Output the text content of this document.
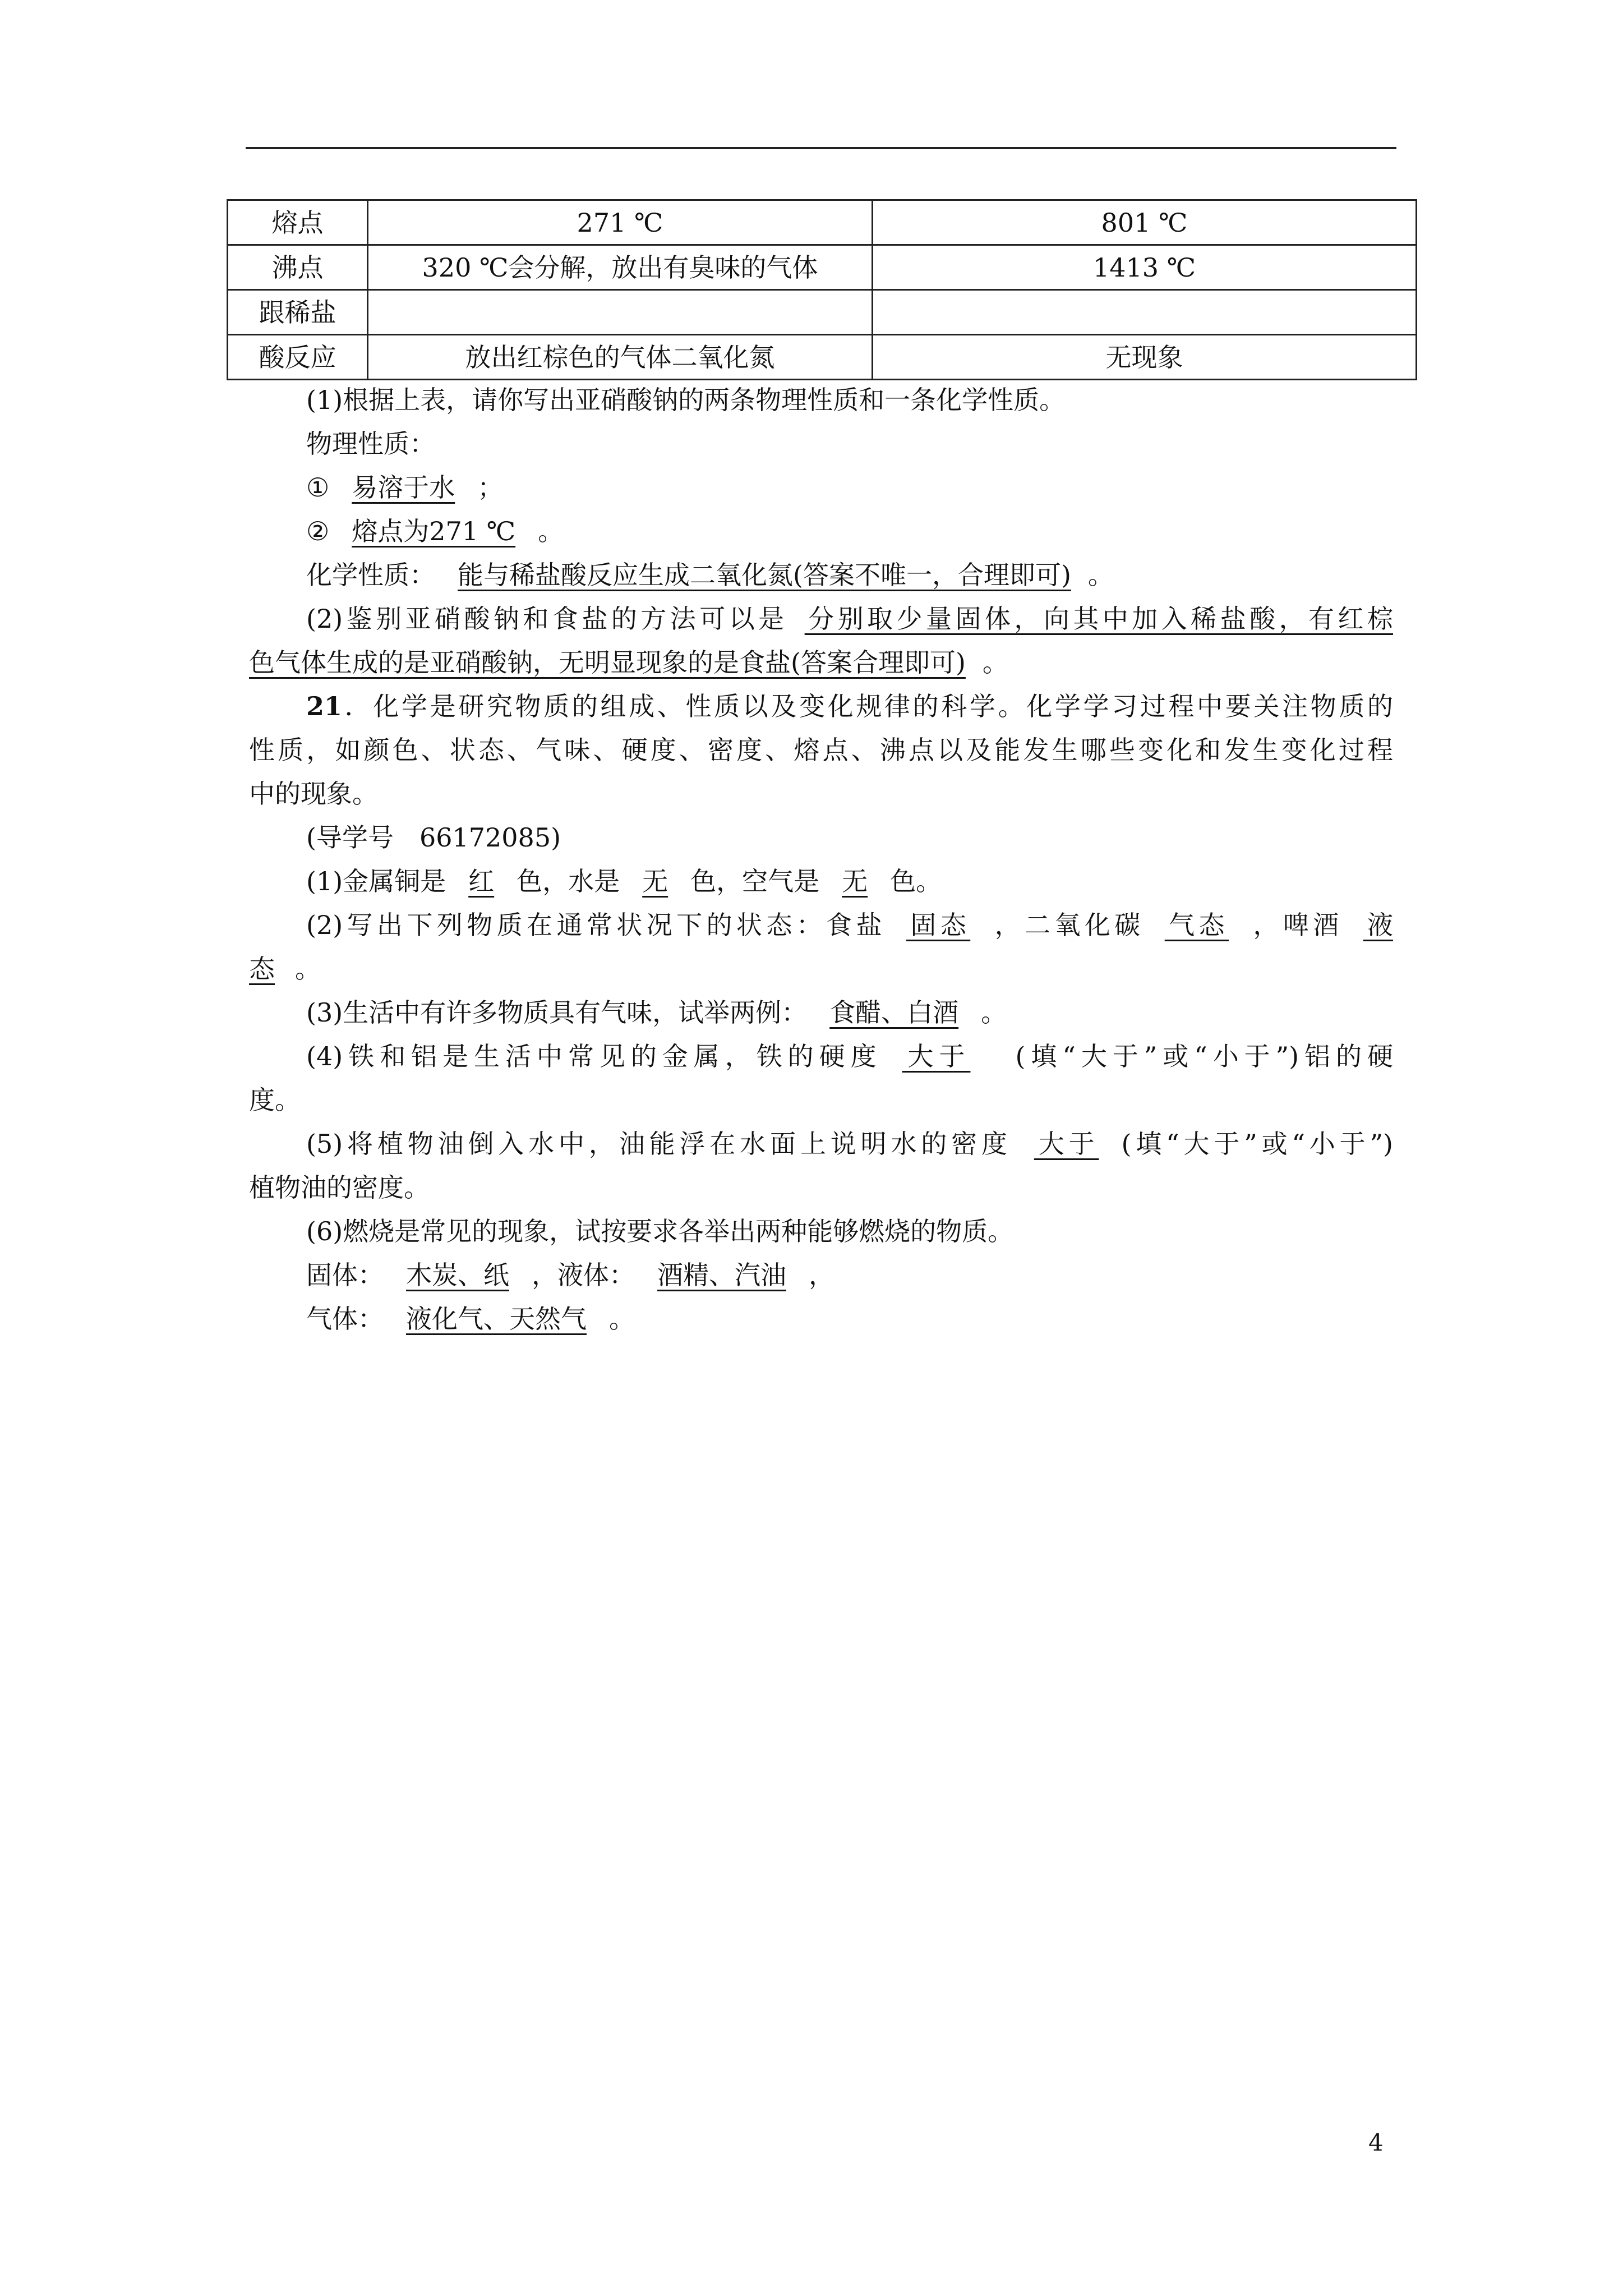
熔点	271 ℃	801 ℃
沸点	320 ℃会分解，放出有臭味的气体	1413 ℃
跟稀盐		
酸反应	放出红棕色的气体二氧化氮	无现象
(1)根据上表，请你写出亚硝酸钠的两条物理性质和一条化学性质。
物理性质：
① 易溶于水 ；
② 熔点为271 ℃ 。
化学性质： 能与稀盐酸反应生成二氧化氮(答案不唯一，合理即可) 。
(2)鉴别亚硝酸钠和食盐的方法可以是 分别取少量固体，向其中加入稀盐酸，有红棕
色气体生成的是亚硝酸钠，无明显现象的是食盐(答案合理即可) 。
21．化学是研究物质的组成、性质以及变化规律的科学。化学学习过程中要关注物质的
性质，如颜色、状态、气味、硬度、密度、熔点、沸点以及能发生哪些变化和发生变化过程
中的现象。
(导学号　66172085)
(1)金属铜是 红 色，水是 无 色，空气是 无 色。
(2)写出下列物质在通常状况下的状态：食盐 固态 ，二氧化碳 气态 ，啤酒 液
态 。
(3)生活中有许多物质具有气味，试举两例： 食醋、白酒 。
(4)铁和铝是生活中常见的金属，铁的硬度 大于 (填“大于”或“小于”)铝的硬
度。
(5)将植物油倒入水中，油能浮在水面上说明水的密度 大于 (填“大于”或“小于”)
植物油的密度。
(6)燃烧是常见的现象，试按要求各举出两种能够燃烧的物质。
固体： 木炭、纸 ，液体： 酒精、汽油 ，
气体： 液化气、天然气 。
4
